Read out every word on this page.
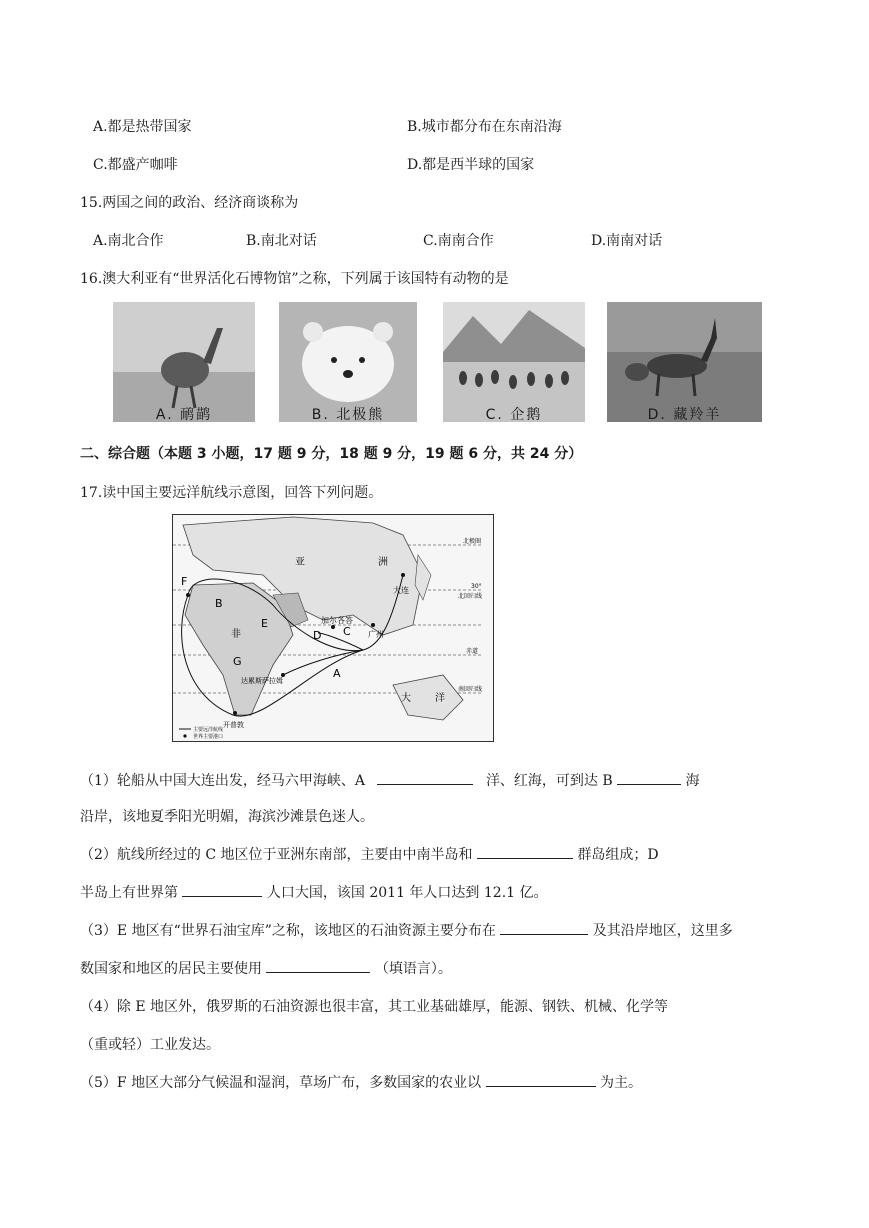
A.都是热带国家	B.城市都分布在东南沿海
C.都盛产咖啡	D.都是西半球的国家
15.两国之间的政治、经济商谈称为
A.南北合作	B.南北对话	C.南南合作	D.南南对话
16.澳大利亚有“世界活化石博物馆”之称，下列属于该国特有动物的是
A. 鸸鹋	B. 北极熊	C. 企鹅	D. 藏羚羊
二、综合题（本题 3 小题，17 题 9 分，18 题 9 分，19 题 6 分，共 24 分）
17.读中国主要远洋航线示意图，回答下列问题。
F
B
E
D C
G
A
亚	洲
非
大 洋
大连
广州
加尔各答
达累斯萨拉姆
开普敦
北极圈
30°
北回归线
赤道
南回归线
主要远洋航线
世界主要港口
（1）轮船从中国大连出发，经马六甲海峡、A	洋、红海，可到达 B	海
沿岸，该地夏季阳光明媚，海滨沙滩景色迷人。
（2）航线所经过的 C 地区位于亚洲东南部，主要由中南半岛和	群岛组成；D
半岛上有世界第	人口大国，该国 2011 年人口达到 12.1 亿。
（3）E 地区有“世界石油宝库”之称，该地区的石油资源主要分布在	及其沿岸地区，这里多
数国家和地区的居民主要使用	（填语言）。
（4）除 E 地区外，俄罗斯的石油资源也很丰富，其工业基础雄厚，能源、钢铁、机械、化学等
（重或轻）工业发达。
（5）F 地区大部分气候温和湿润，草场广布，多数国家的农业以	为主。
